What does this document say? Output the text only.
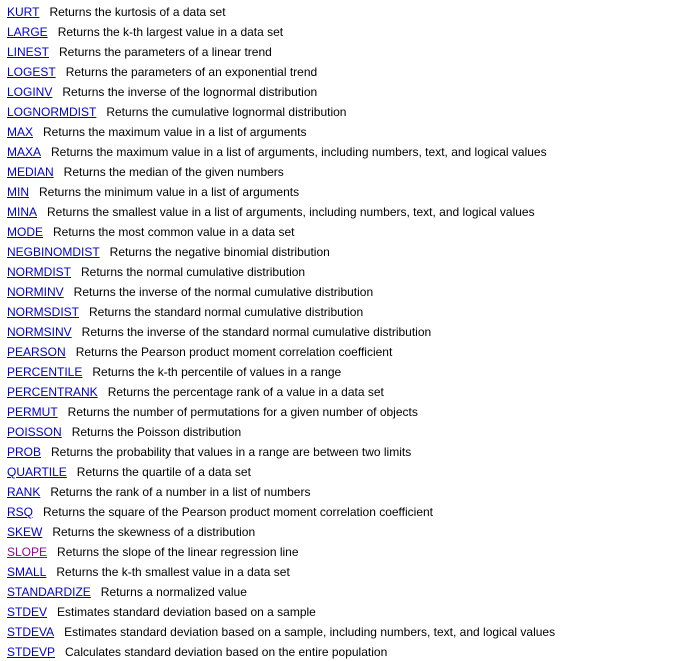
KURT Returns the kurtosis of a data set
LARGE Returns the k-th largest value in a data set
LINEST Returns the parameters of a linear trend
LOGEST Returns the parameters of an exponential trend
LOGINV Returns the inverse of the lognormal distribution
LOGNORMDIST Returns the cumulative lognormal distribution
MAX Returns the maximum value in a list of arguments
MAXA Returns the maximum value in a list of arguments, including numbers, text, and logical values
MEDIAN Returns the median of the given numbers
MIN Returns the minimum value in a list of arguments
MINA Returns the smallest value in a list of arguments, including numbers, text, and logical values
MODE Returns the most common value in a data set
NEGBINOMDIST Returns the negative binomial distribution
NORMDIST Returns the normal cumulative distribution
NORMINV Returns the inverse of the normal cumulative distribution
NORMSDIST Returns the standard normal cumulative distribution
NORMSINV Returns the inverse of the standard normal cumulative distribution
PEARSON Returns the Pearson product moment correlation coefficient
PERCENTILE Returns the k-th percentile of values in a range
PERCENTRANK Returns the percentage rank of a value in a data set
PERMUT Returns the number of permutations for a given number of objects
POISSON Returns the Poisson distribution
PROB Returns the probability that values in a range are between two limits
QUARTILE Returns the quartile of a data set
RANK Returns the rank of a number in a list of numbers
RSQ Returns the square of the Pearson product moment correlation coefficient
SKEW Returns the skewness of a distribution
SLOPE Returns the slope of the linear regression line
SMALL Returns the k-th smallest value in a data set
STANDARDIZE Returns a normalized value
STDEV Estimates standard deviation based on a sample
STDEVA Estimates standard deviation based on a sample, including numbers, text, and logical values
STDEVP Calculates standard deviation based on the entire population
